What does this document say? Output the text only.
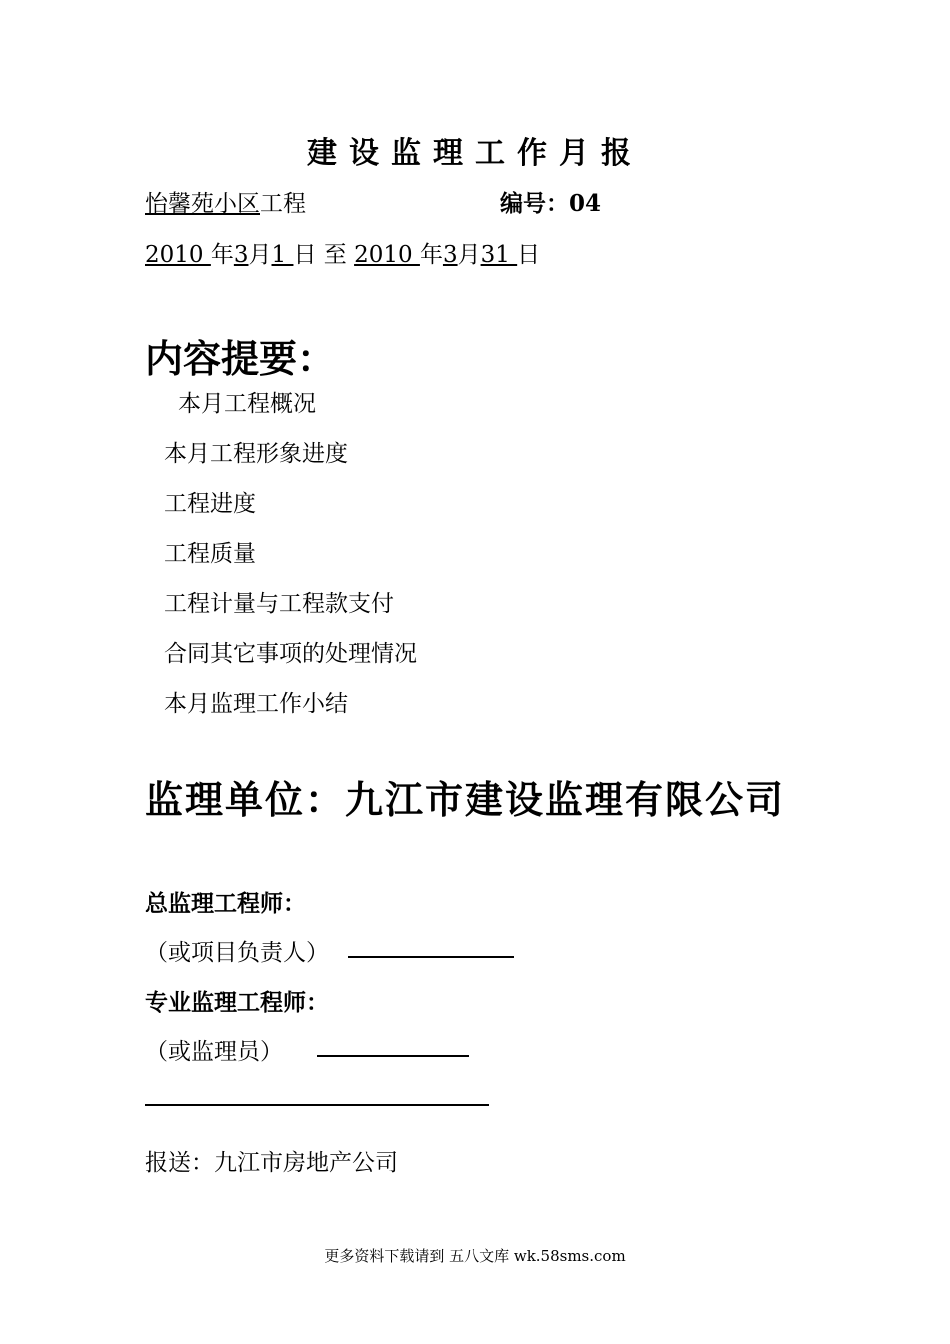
建设监理工作月报
怡馨苑小区工程	编号：04
2010 年3月1 日 至 2010 年3月31 日
内容提要：
本月工程概况
本月工程形象进度
工程进度
工程质量
工程计量与工程款支付
合同其它事项的处理情况
本月监理工作小结
监理单位：九江市建设监理有限公司
总监理工程师：
（或项目负责人）
专业监理工程师：
（或监理员）
报送：九江市房地产公司
更多资料下载请到 五八文库 wk.58sms.com
